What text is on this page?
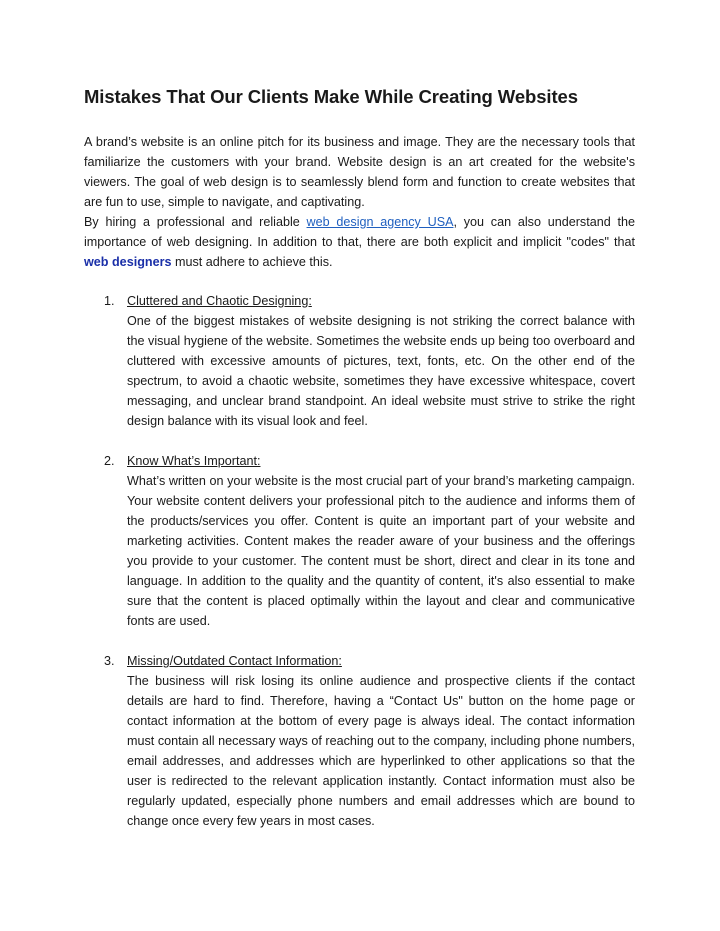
Mistakes That Our Clients Make While Creating Websites

A brand’s website is an online pitch for its business and image. They are the necessary tools that familiarize the customers with your brand. Website design is an art created for the website's viewers. The goal of web design is to seamlessly blend form and function to create websites that are fun to use, simple to navigate, and captivating.

By hiring a professional and reliable web design agency USA, you can also understand the importance of web designing. In addition to that, there are both explicit and implicit "codes" that web designers must adhere to achieve this.

1. Cluttered and Chaotic Designing:

One of the biggest mistakes of website designing is not striking the correct balance with the visual hygiene of the website. Sometimes the website ends up being too overboard and cluttered with excessive amounts of pictures, text, fonts, etc. On the other end of the spectrum, to avoid a chaotic website, sometimes they have excessive whitespace, covert messaging, and unclear brand standpoint. An ideal website must strive to strike the right design balance with its visual look and feel.

2. Know What’s Important:

What’s written on your website is the most crucial part of your brand’s marketing campaign. Your website content delivers your professional pitch to the audience and informs them of the products/services you offer. Content is quite an important part of your website and marketing activities. Content makes the reader aware of your business and the offerings you provide to your customer. The content must be short, direct and clear in its tone and language. In addition to the quality and the quantity of content, it's also essential to make sure that the content is placed optimally within the layout and clear and communicative fonts are used.

3. Missing/Outdated Contact Information:

The business will risk losing its online audience and prospective clients if the contact details are hard to find. Therefore, having a “Contact Us" button on the home page or contact information at the bottom of every page is always ideal. The contact information must contain all necessary ways of reaching out to the company, including phone numbers, email addresses, and addresses which are hyperlinked to other applications so that the user is redirected to the relevant application instantly. Contact information must also be regularly updated, especially phone numbers and email addresses which are bound to change once every few years in most cases.
